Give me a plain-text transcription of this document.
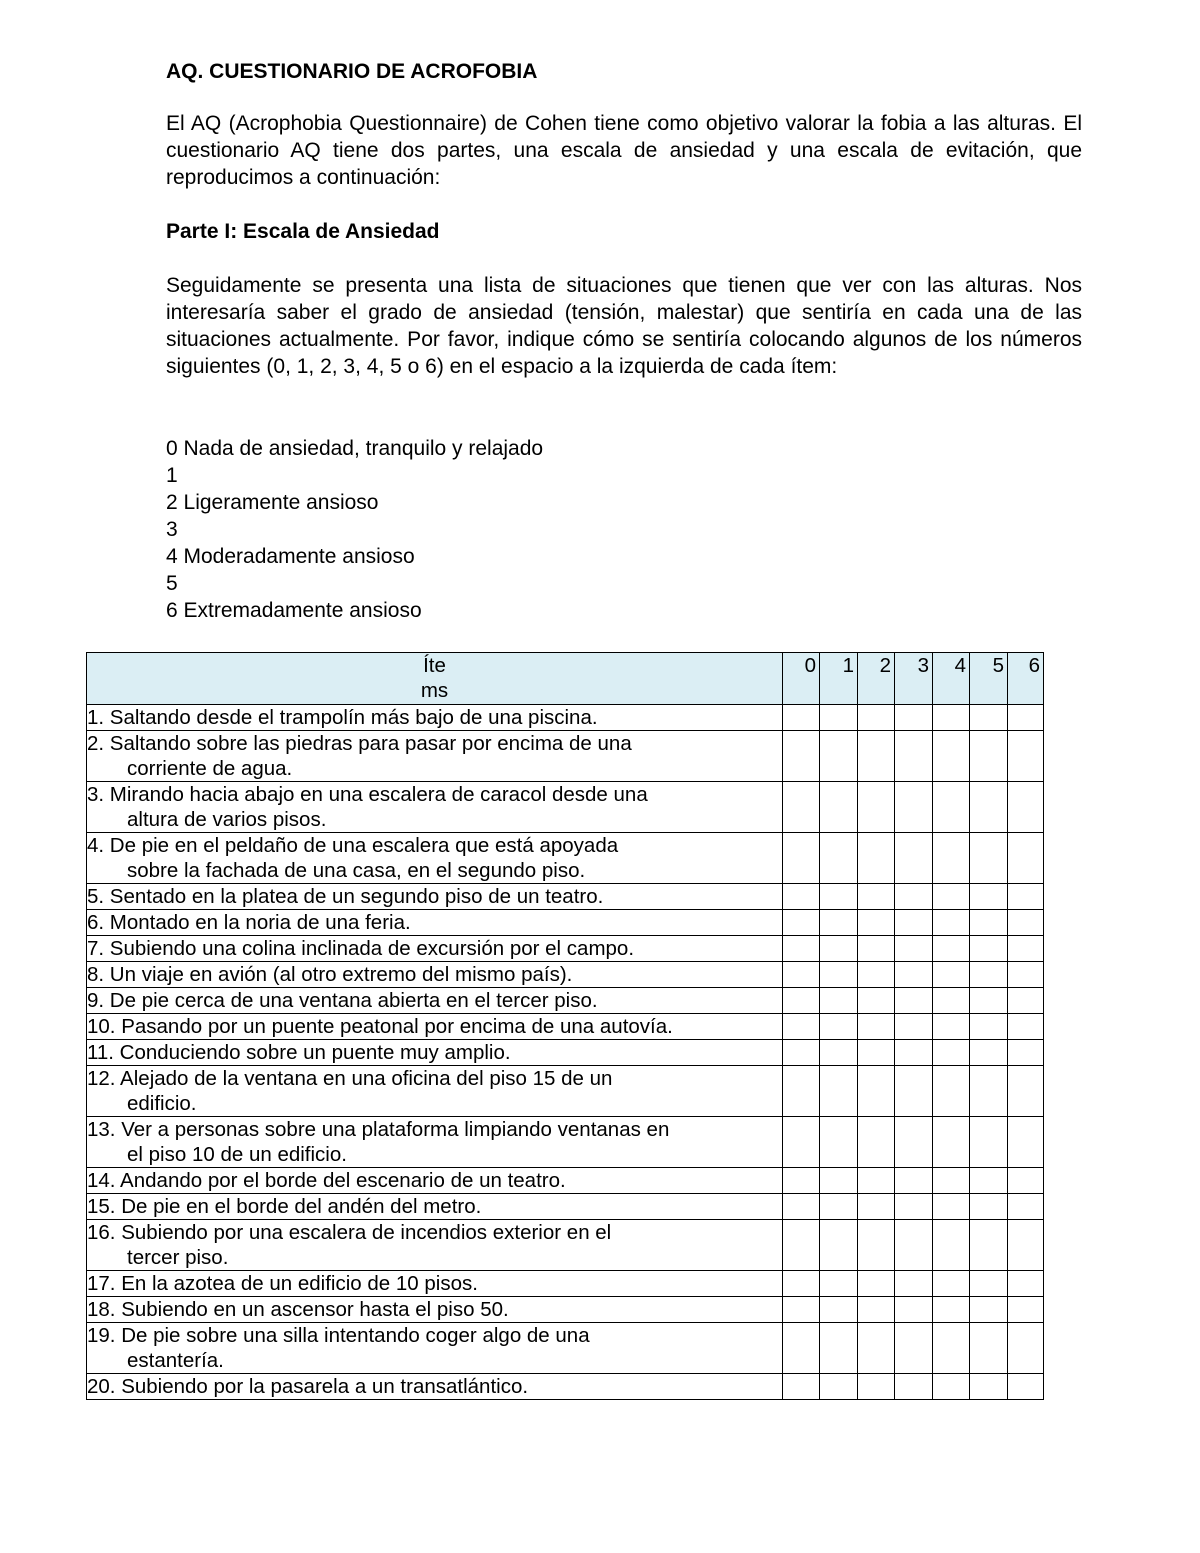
AQ. CUESTIONARIO DE ACROFOBIA

El AQ (Acrophobia Questionnaire) de Cohen tiene como objetivo valorar la fobia a las alturas. El cuestionario AQ tiene dos partes, una escala de ansiedad y una escala de evitación, que reproducimos a continuación:

Parte I: Escala de Ansiedad

Seguidamente se presenta una lista de situaciones que tienen que ver con las alturas. Nos interesaría saber el grado de ansiedad (tensión, malestar) que sentiría en cada una de las situaciones actualmente. Por favor, indique cómo se sentiría colocando algunos de los números siguientes (0, 1, 2, 3, 4, 5 o 6) en el espacio a la izquierda de cada ítem:

0 Nada de ansiedad, tranquilo y relajado
1
2 Ligeramente ansioso
3
4 Moderadamente ansioso
5
6 Extremadamente ansioso
Íte
ms	0	1	2	3	4	5	6
1. Saltando desde el trampolín más bajo de una piscina.							
2. Saltando sobre las piedras para pasar por encima de una
corriente de agua.							

3. Mirando hacia abajo en una escalera de caracol desde una
altura de varios pisos.							

4. De pie en el peldaño de una escalera que está apoyada
sobre la fachada de una casa, en el segundo piso.							

5. Sentado en la platea de un segundo piso de un teatro.							
6. Montado en la noria de una feria.							
7. Subiendo una colina inclinada de excursión por el campo.							
8. Un viaje en avión (al otro extremo del mismo país).							
9. De pie cerca de una ventana abierta en el tercer piso.							
10. Pasando por un puente peatonal por encima de una autovía.							
11. Conduciendo sobre un puente muy amplio.							
12. Alejado de la ventana en una oficina del piso 15 de un
edificio.							

13. Ver a personas sobre una plataforma limpiando ventanas en
el piso 10 de un edificio.							

14. Andando por el borde del escenario de un teatro.							
15. De pie en el borde del andén del metro.							
16. Subiendo por una escalera de incendios exterior en el
tercer piso.							

17. En la azotea de un edificio de 10 pisos.							
18. Subiendo en un ascensor hasta el piso 50.							
19. De pie sobre una silla intentando coger algo de una
estantería.							

20. Subiendo por la pasarela a un transatlántico.							
